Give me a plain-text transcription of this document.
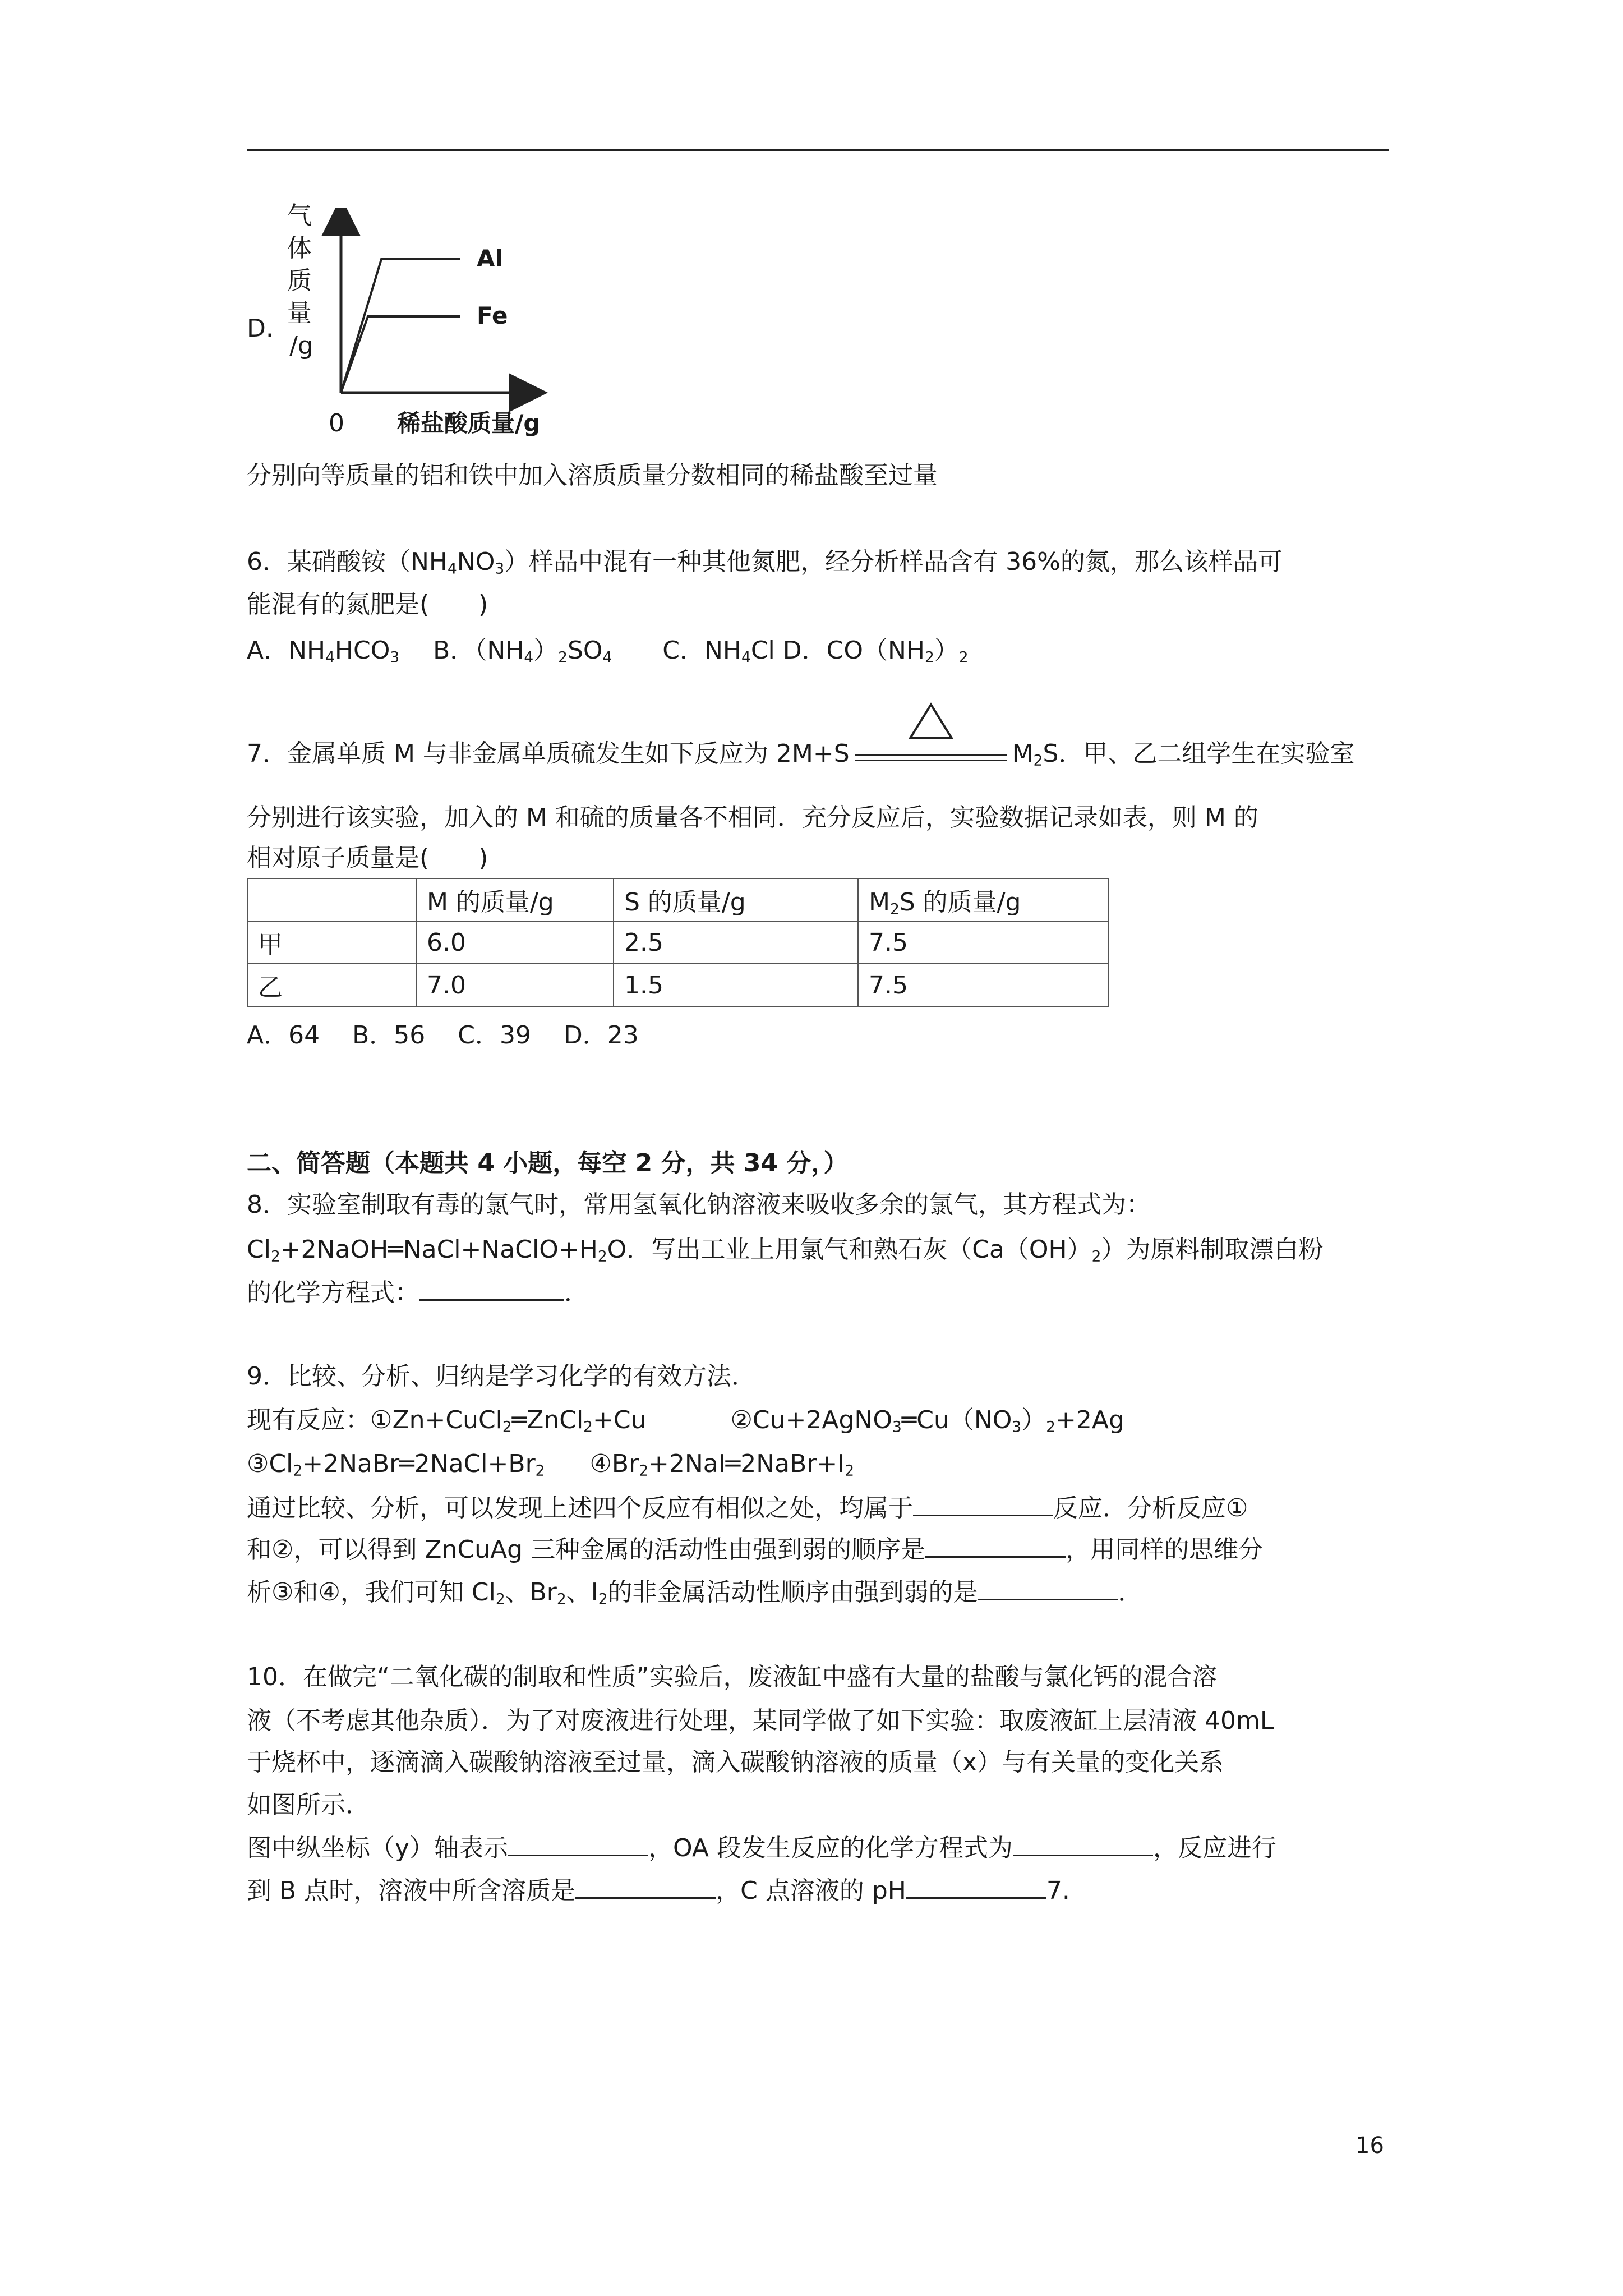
D.
气
体
质
量
/g
0 稀盐酸质量/g
Al
Fe
分别向等质量的铝和铁中加入溶质质量分数相同的稀盐酸至过量
6．某硝酸铵$(NH_4NO_3)$样品中混有一种其他氮肥，经分析样品含有 36%的氮，那么该样品可
能混有的氮肥是(　　)
A．$NH_4HCO_3$ B．$(NH_4)_2SO_4$ C．$NH_4Cl$ D．$CO(NH_2)_2$
7．金属单质 M 与非金属单质硫发生如下反应为 2M+S	$M_2S$．甲、乙二组学生在实验室
分别进行该实验，加入的 M 和硫的质量各不相同．充分反应后，实验数据记录如表，则 M 的
相对原子质量是(　　)
	M 的质量/g	S 的质量/g	$M_2S$ 的质量/g
甲	6.0	2.5	7.5
乙	7.0	1.5	7.5
A．64　 B．56　 C．39　 D．23
二、简答题（本题共 4 小题，每空 2 分，共 34 分，）
8．实验室制取有毒的氯气时，常用氢氧化钠溶液来吸收多余的氯气，其方程式为：
$Cl_2+2NaOH═NaCl+NaClO+H_2O$．写出工业上用氯气和熟石灰$(Ca(OH)_2)$为原料制取漂白粉
的化学方程式：	．
9．比较、分析、归纳是学习化学的有效方法．
现有反应：①Zn+CuCl$_2$═ZnCl$_2$+Cu	$②Cu+2AgNO_3═Cu(NO_3)_2+2Ag$
$③Cl_2+2NaBr═2NaCl+Br_2$ $④Br_2+2NaI═2NaBr+I_2$
通过比较、分析，可以发现上述四个反应有相似之处，均属于	反应．分析反应①
和②，可以得到 ZnCuAg 三种金属的活动性由强到弱的顺序是	，用同样的思维分
析③和④，我们可知 $Cl_2$、$Br_2$、$I_2$的非金属活动性顺序由强到弱的是	．
10．在做完“二氧化碳的制取和性质”实验后，废液缸中盛有大量的盐酸与氯化钙的混合溶
液（不考虑其他杂质）．为了对废液进行处理，某同学做了如下实验：取废液缸上层清液 40mL
于烧杯中，逐滴滴入碳酸钠溶液至过量，滴入碳酸钠溶液的质量（x）与有关量的变化关系
如图所示．
图中纵坐标（y）轴表示	，OA 段发生反应的化学方程式为	，反应进行
到 B 点时，溶液中所含溶质是	，C 点溶液的 pH	7.
16
